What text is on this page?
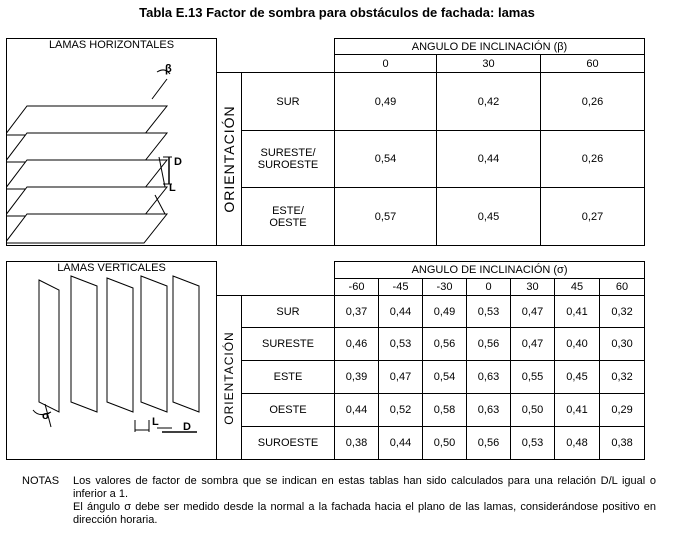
Tabla E.13 Factor de sombra para obstáculos de fachada: lamas
LAMAS HORIZONTALES
β
D
L			ANGULO DE INCLINACIÓN (β)		
			0	30	60

	ORIENTACIÓN	SUR	0,49	0,42	0,26
		SURESTE/
SUROESTE	0,54	0,44	0,26
		ESTE/
OESTE	0,57	0,45	0,27
LAMAS VERTICALES
σ L D			ANGULO DE INCLINACIÓN (σ)						
			-60	-45	-30	0	30	45	60

	ORIENTACIÓN	SUR	0,37	0,44	0,49	0,53	0,47	0,41	0,32
		SURESTE	0,46	0,53	0,56	0,56	0,47	0,40	0,30
		ESTE	0,39	0,47	0,54	0,63	0,55	0,45	0,32
		OESTE	0,44	0,52	0,58	0,63	0,50	0,41	0,29
		SUROESTE	0,38	0,44	0,50	0,56	0,53	0,48	0,38
NOTAS Los valores de factor de sombra que se indican en estas tablas han sido calculados para una relación D/L igual o inferior a 1.

El ángulo σ debe ser medido desde la normal a la fachada hacia el plano de las lamas, considerándose positivo en dirección horaria.
